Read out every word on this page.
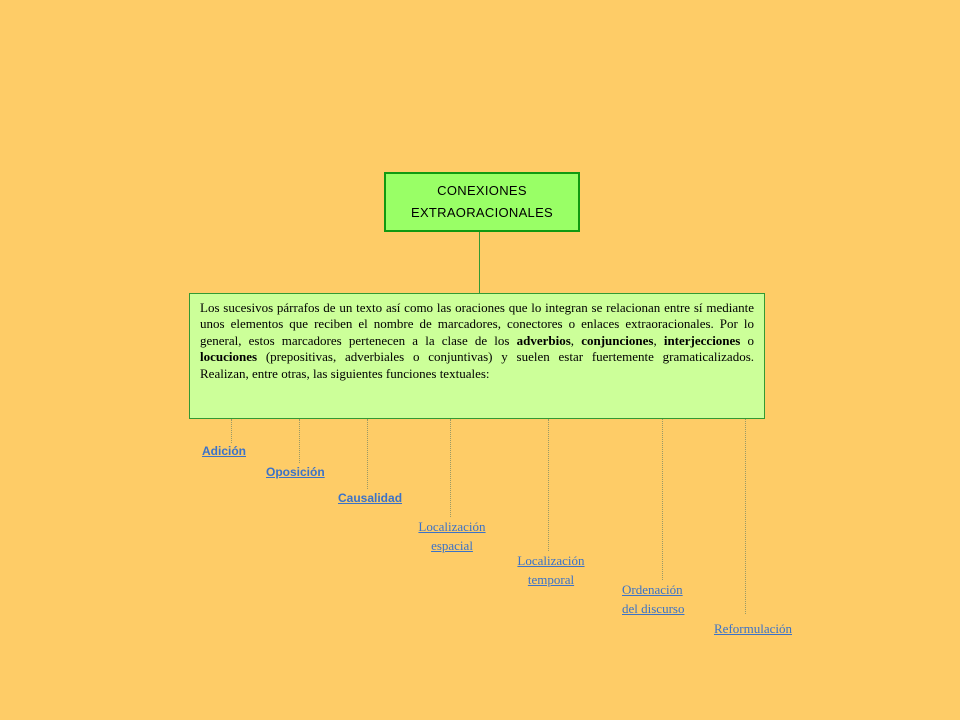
CONEXIONES
EXTRAORACIONALES
Los sucesivos párrafos de un texto así como las oraciones que lo integran se relacionan entre sí mediante unos elementos que reciben el nombre de marcadores, conectores o enlaces extraoracionales. Por lo general, estos marcadores pertenecen a la clase de los adverbios, conjunciones, interjecciones o locuciones (prepositivas, adverbiales o conjuntivas) y suelen estar fuertemente gramaticalizados. Realizan, entre otras, las siguientes funciones textuales:
Adición
Oposición
Causalidad
Localización
espacial
Localización
temporal
Ordenación
del discurso
Reformulación
